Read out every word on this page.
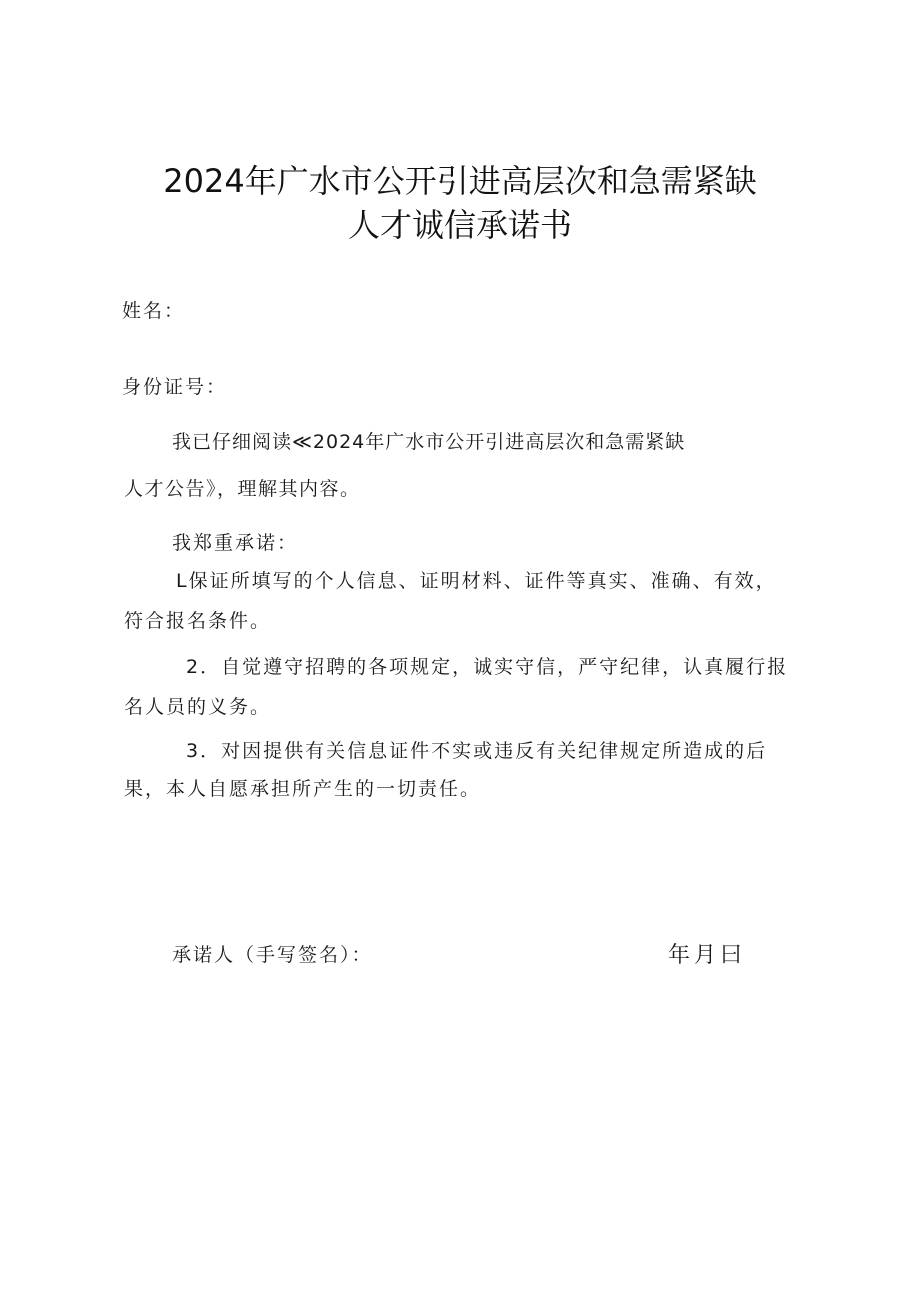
2024年广水市公开引进高层次和急需紧缺
人才诚信承诺书
姓名：
身份证号：
我已仔细阅读≪2024年广水市公开引进高层次和急需紧缺
人才公告》，理解其内容。
我郑重承诺：
L保证所填写的个人信息、证明材料、证件等真实、准确、有效，
符合报名条件。
2．自觉遵守招聘的各项规定，诚实守信，严守纪律，认真履行报
名人员的义务。
3．对因提供有关信息证件不实或违反有关纪律规定所造成的后
果，本人自愿承担所产生的一切责任。
承诺人（手写签名）：	年月曰
